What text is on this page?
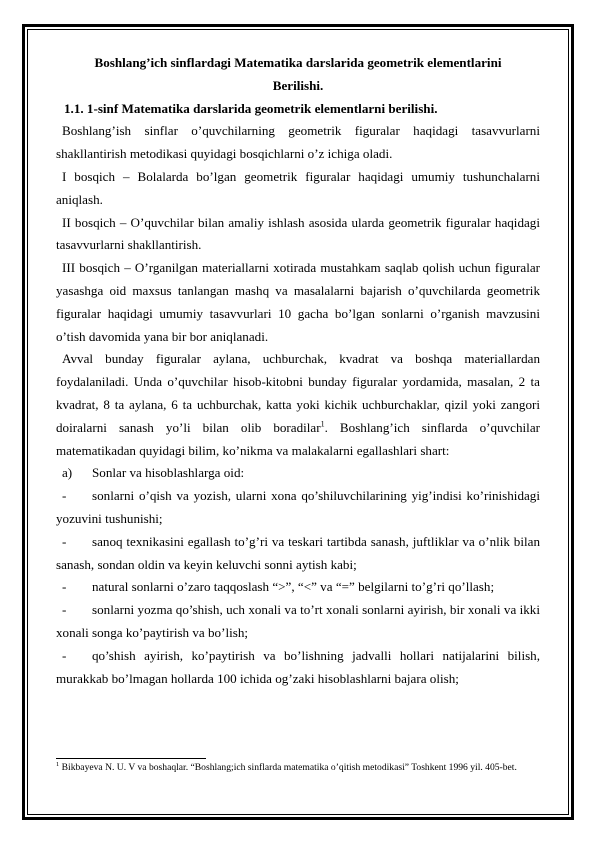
Boshlang’ich sinflardagi Matematika darslarida geometrik elementlarini
Berilishi.

1.1. 1-sinf Matematika darslarida geometrik elementlarni berilishi.

Boshlang’ish sinflar o’quvchilarning geometrik figuralar haqidagi tasavvurlarni shakllantirish metodikasi quyidagi bosqichlarni o’z ichiga oladi.

I bosqich – Bolalarda bo’lgan geometrik figuralar haqidagi umumiy tushunchalarni aniqlash.

II bosqich – O’quvchilar bilan amaliy ishlash asosida ularda geometrik figuralar haqidagi tasavvurlarni shakllantirish.

III bosqich – O’rganilgan materiallarni xotirada mustahkam saqlab qolish uchun figuralar yasashga oid maxsus tanlangan mashq va masalalarni bajarish o’quvchilarda geometrik figuralar haqidagi umumiy tasavvurlari 10 gacha bo’lgan sonlarni o’rganish mavzusini o’tish davomida yana bir bor aniqlanadi.

Avval bunday figuralar aylana, uchburchak, kvadrat va boshqa materiallardan foydalaniladi. Unda o’quvchilar hisob-kitobni bunday figuralar yordamida, masalan, 2 ta kvadrat, 8 ta aylana, 6 ta uchburchak, katta yoki kichik uchburchaklar, qizil yoki zangori doiralarni sanash yo’li bilan olib boradilar$^1$. Boshlang’ich sinflarda o’quvchilar matematikadan quyidagi bilim, ko’nikma va malakalarni egallashlari shart:

a)	Sonlar va hisoblashlarga oid:

-	sonlarni o’qish va yozish, ularni xona qo’shiluvchilarining yig’indisi ko’rinishidagi yozuvini tushunishi;

-	sanoq texnikasini egallash to’g’ri va teskari tartibda sanash, juftliklar va o’nlik bilan sanash, sondan oldin va keyin keluvchi sonni aytish kabi;

-	natural sonlarni o’zaro taqqoslash “>”, “<” va “=” belgilarni to’g’ri qo’llash;

-	sonlarni yozma qo’shish, uch xonali va to’rt xonali sonlarni ayirish, bir xonali va ikki xonali songa ko’paytirish va bo’lish;

-	qo’shish ayirish, ko’paytirish va bo’lishning jadvalli hollari natijalarini bilish, murakkab bo’lmagan hollarda 100 ichida og’zaki hisoblashlarni bajara olish;

$^1$ Bikbayeva N. U. V va boshaqlar. “Boshlang;ich sinflarda matematika o’qitish metodikasi” Toshkent 1996 yil. 405-bet.
